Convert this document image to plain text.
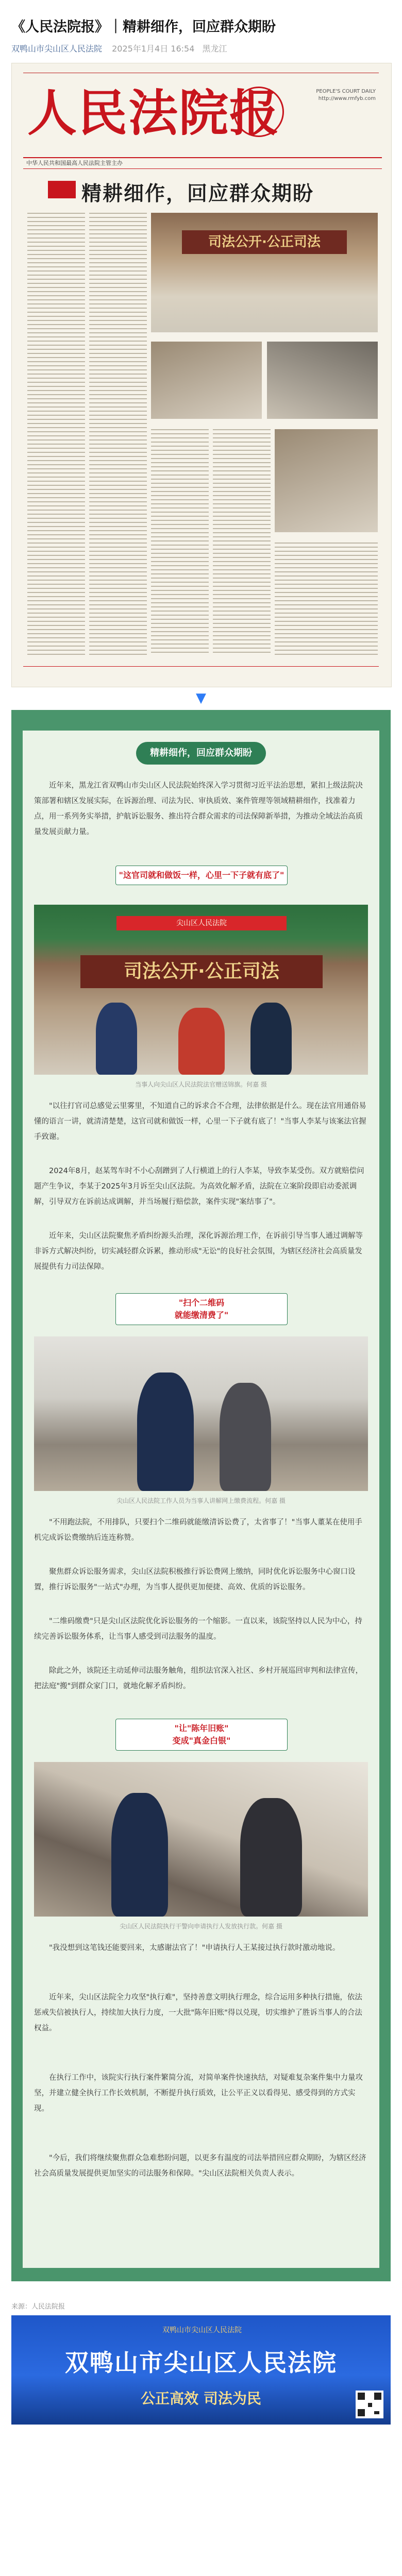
《人民法院报》｜精耕细作，回应群众期盼
双鸭山市尖山区人民法院 2025年1月4日 16:54 黑龙江
人民法院报	PEOPLE'S COURT DAILY http://www.rmfyb.com
中华人民共和国最高人民法院主管主办
精耕细作，回应群众期盼
司法公开·公正司法
▼
精耕细作，回应群众期盼
近年来，黑龙江省双鸭山市尖山区人民法院始终深入学习贯彻习近平法治思想，紧扣上级法院决策部署和辖区发展实际，在诉源治理、司法为民、审执质效、案件管理等领域精耕细作，找准着力点，用一系列务实举措，护航诉讼服务、推出符合群众需求的司法保障新举措，为推动全域法治高质量发展贡献力量。
"这官司就和做饭一样，心里一下子就有底了"
尖山区人民法院
司法公开·公正司法
当事人向尖山区人民法院法官赠送锦旗。何嘉 摄
"以往打官司总感觉云里雾里，不知道自己的诉求合不合理，法律依据是什么。现在法官用通俗易懂的语言一讲，就清清楚楚，这官司就和做饭一样，心里一下子就有底了！"当事人李某与该案法官握手致谢。
2024年8月，赵某驾车时不小心刮蹭到了人行横道上的行人李某，导致李某受伤。双方就赔偿问题产生争议，李某于2025年3月诉至尖山区法院。为高效化解矛盾，法院在立案阶段即启动委派调解，引导双方在诉前达成调解，并当场履行赔偿款，案件实现"案结事了"。
近年来，尖山区法院聚焦矛盾纠纷源头治理，深化诉源治理工作，在诉前引导当事人通过调解等非诉方式解决纠纷，切实减轻群众诉累，推动形成"无讼"的良好社会氛围，为辖区经济社会高质量发展提供有力司法保障。
"扫个二维码
就能缴清费了"
尖山区人民法院工作人员为当事人讲解网上缴费流程。何嘉 摄
"不用跑法院，不用排队，只要扫个二维码就能缴清诉讼费了，太省事了！"当事人董某在使用手机完成诉讼费缴纳后连连称赞。
聚焦群众诉讼服务需求，尖山区法院积极推行诉讼费网上缴纳，同时优化诉讼服务中心窗口设置，推行诉讼服务"一站式"办理，为当事人提供更加便捷、高效、优质的诉讼服务。
"二维码缴费"只是尖山区法院优化诉讼服务的一个缩影。一直以来，该院坚持以人民为中心，持续完善诉讼服务体系，让当事人感受到司法服务的温度。
除此之外，该院还主动延伸司法服务触角，组织法官深入社区、乡村开展巡回审判和法律宣传，把法庭"搬"到群众家门口，就地化解矛盾纠纷。
"让"陈年旧账"
变成"真金白银"
尖山区人民法院执行干警向申请执行人发放执行款。何嘉 摄
"我没想到这笔钱还能要回来，太感谢法官了！"申请执行人王某接过执行款时激动地说。
近年来，尖山区法院全力攻坚"执行难"，坚持善意文明执行理念，综合运用多种执行措施，依法惩戒失信被执行人，持续加大执行力度，一大批"陈年旧账"得以兑现，切实维护了胜诉当事人的合法权益。
在执行工作中，该院实行执行案件繁简分流，对简单案件快速执结，对疑难复杂案件集中力量攻坚，并建立健全执行工作长效机制，不断提升执行质效，让公平正义以看得见、感受得到的方式实现。
"今后，我们将继续聚焦群众急难愁盼问题，以更多有温度的司法举措回应群众期盼，为辖区经济社会高质量发展提供更加坚实的司法服务和保障。"尖山区法院相关负责人表示。
来源：人民法院报
双鸭山市尖山区人民法院
双鸭山市尖山区人民法院
公正高效 司法为民
